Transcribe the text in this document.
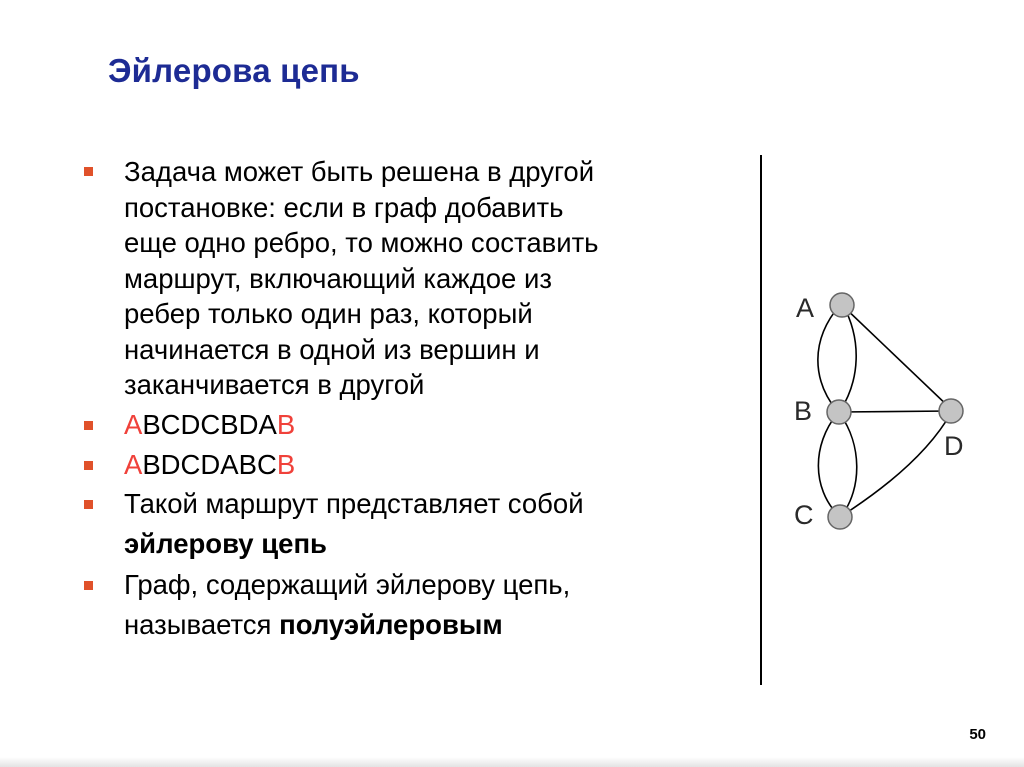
Эйлерова цепь
Задача может быть решена в другой
постановке: если в граф добавить
еще одно ребро, то можно составить
маршрут, включающий каждое из
ребер только один раз, который
начинается в одной из вершин и
заканчивается в другой
ABCDCBDAB
ABDCDABCB
Такой маршрут представляет собой
эйлерову цепь
Граф, содержащий эйлерову цепь,
называется полуэйлеровым
A
B
C
D
50
